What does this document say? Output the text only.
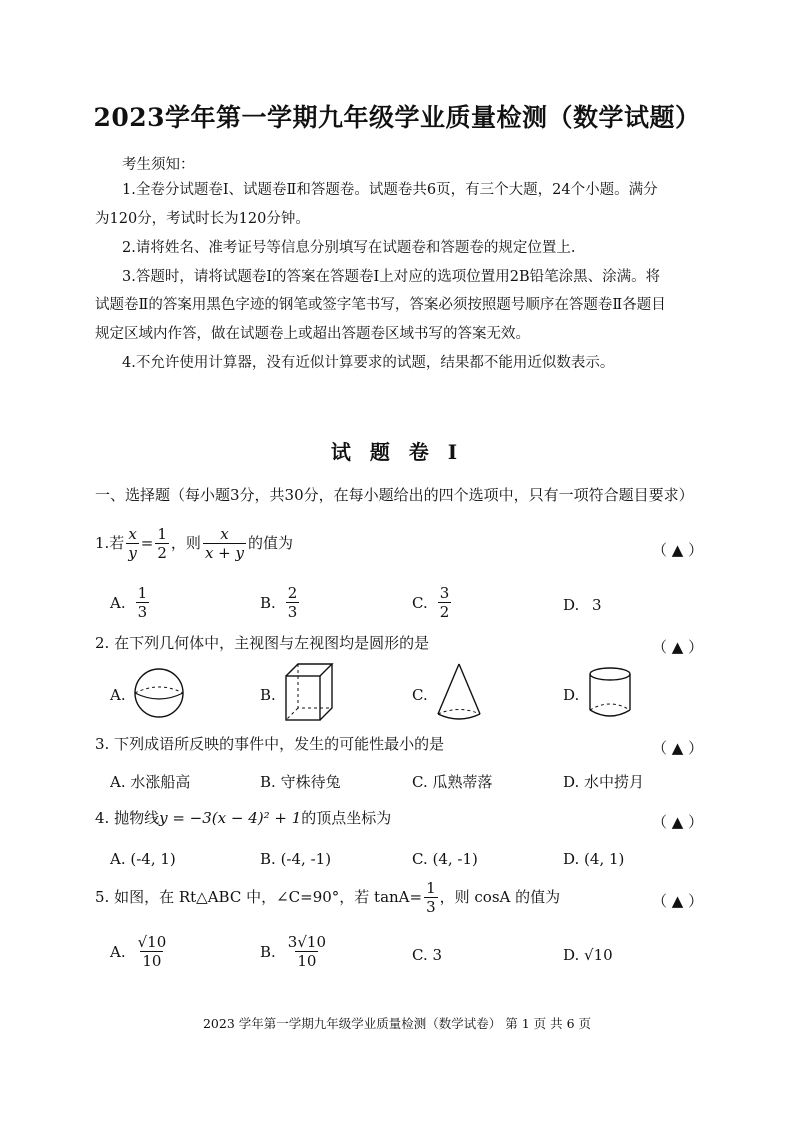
2023学年第一学期九年级学业质量检测（数学试题）
考生须知：
1.全卷分试题卷Ⅰ、试题卷Ⅱ和答题卷。试题卷共6页，有三个大题，24个小题。满分
为120分，考试时长为120分钟。
2.请将姓名、准考证号等信息分别填写在试题卷和答题卷的规定位置上.
3.答题时，请将试题卷Ⅰ的答案在答题卷Ⅰ上对应的选项位置用2B铅笔涂黑、涂满。将
试题卷Ⅱ的答案用黑色字迹的钢笔或签字笔书写，答案必须按照题号顺序在答题卷Ⅱ各题目
规定区域内作答，做在试题卷上或超出答题卷区域书写的答案无效。
4.不允许使用计算器，没有近似计算要求的试题，结果都不能用近似数表示。
试 题 卷 I
一、选择题（每小题3分，共30分，在每小题给出的四个选项中，只有一项符合题目要求）
1.若 $\frac{x}{y} = \frac{1}{2}$ ，则 $\frac{x}{x + y}$ 的值为	（ ▲ ）
A. $\frac{1}{3}$	B. $\frac{2}{3}$	C. $\frac{3}{2}$	D. 3
2. 在下列几何体中，主视图与左视图均是圆形的是	（ ▲ ）
A.	B.	C.	D.
3. 下列成语所反映的事件中，发生的可能性最小的是	（ ▲ ）
A. 水涨船高	B. 守株待兔	C. 瓜熟蒂落	D. 水中捞月
4. 抛物线y = −3(x − 4)² + 1的顶点坐标为	（ ▲ ）
A. (-4, 1)	B. (-4, -1)	C. (4, -1)	D. (4, 1)
5. 如图，在 Rt△ABC 中，∠C=90°，若 $\tan A= \frac{1}{3}$ ，则 cosA 的值为	（ ▲ ）
A. $\frac{√10}{10}$	B. $\frac{3√10}{10}$	C. 3	D. √10
2023 学年第一学期九年级学业质量检测（数学试卷） 第 1 页 共 6 页
